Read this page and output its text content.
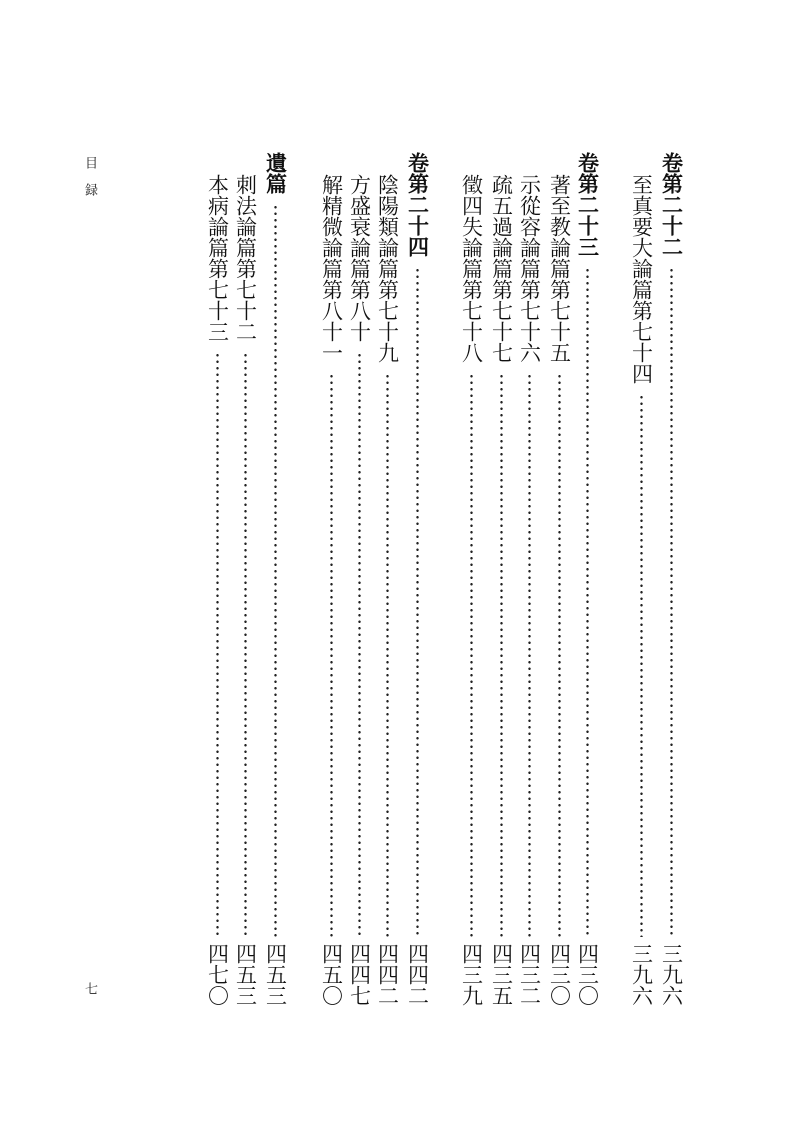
目録
七
卷第二十二
三九六
至真要大論篇第七十四
三九六
卷第二十三
四三〇
著至教論篇第七十五
四三〇
示從容論篇第七十六
四三二
疏五過論篇第七十七
四三五
徵四失論篇第七十八
四三九
卷第二十四
四四二
陰陽類論篇第七十九
四四二
方盛衰論篇第八十
四四七
解精微論篇第八十一
四五〇
遺篇
四五三
刺法論篇第七十二
四五三
本病論篇第七十三
四七〇
